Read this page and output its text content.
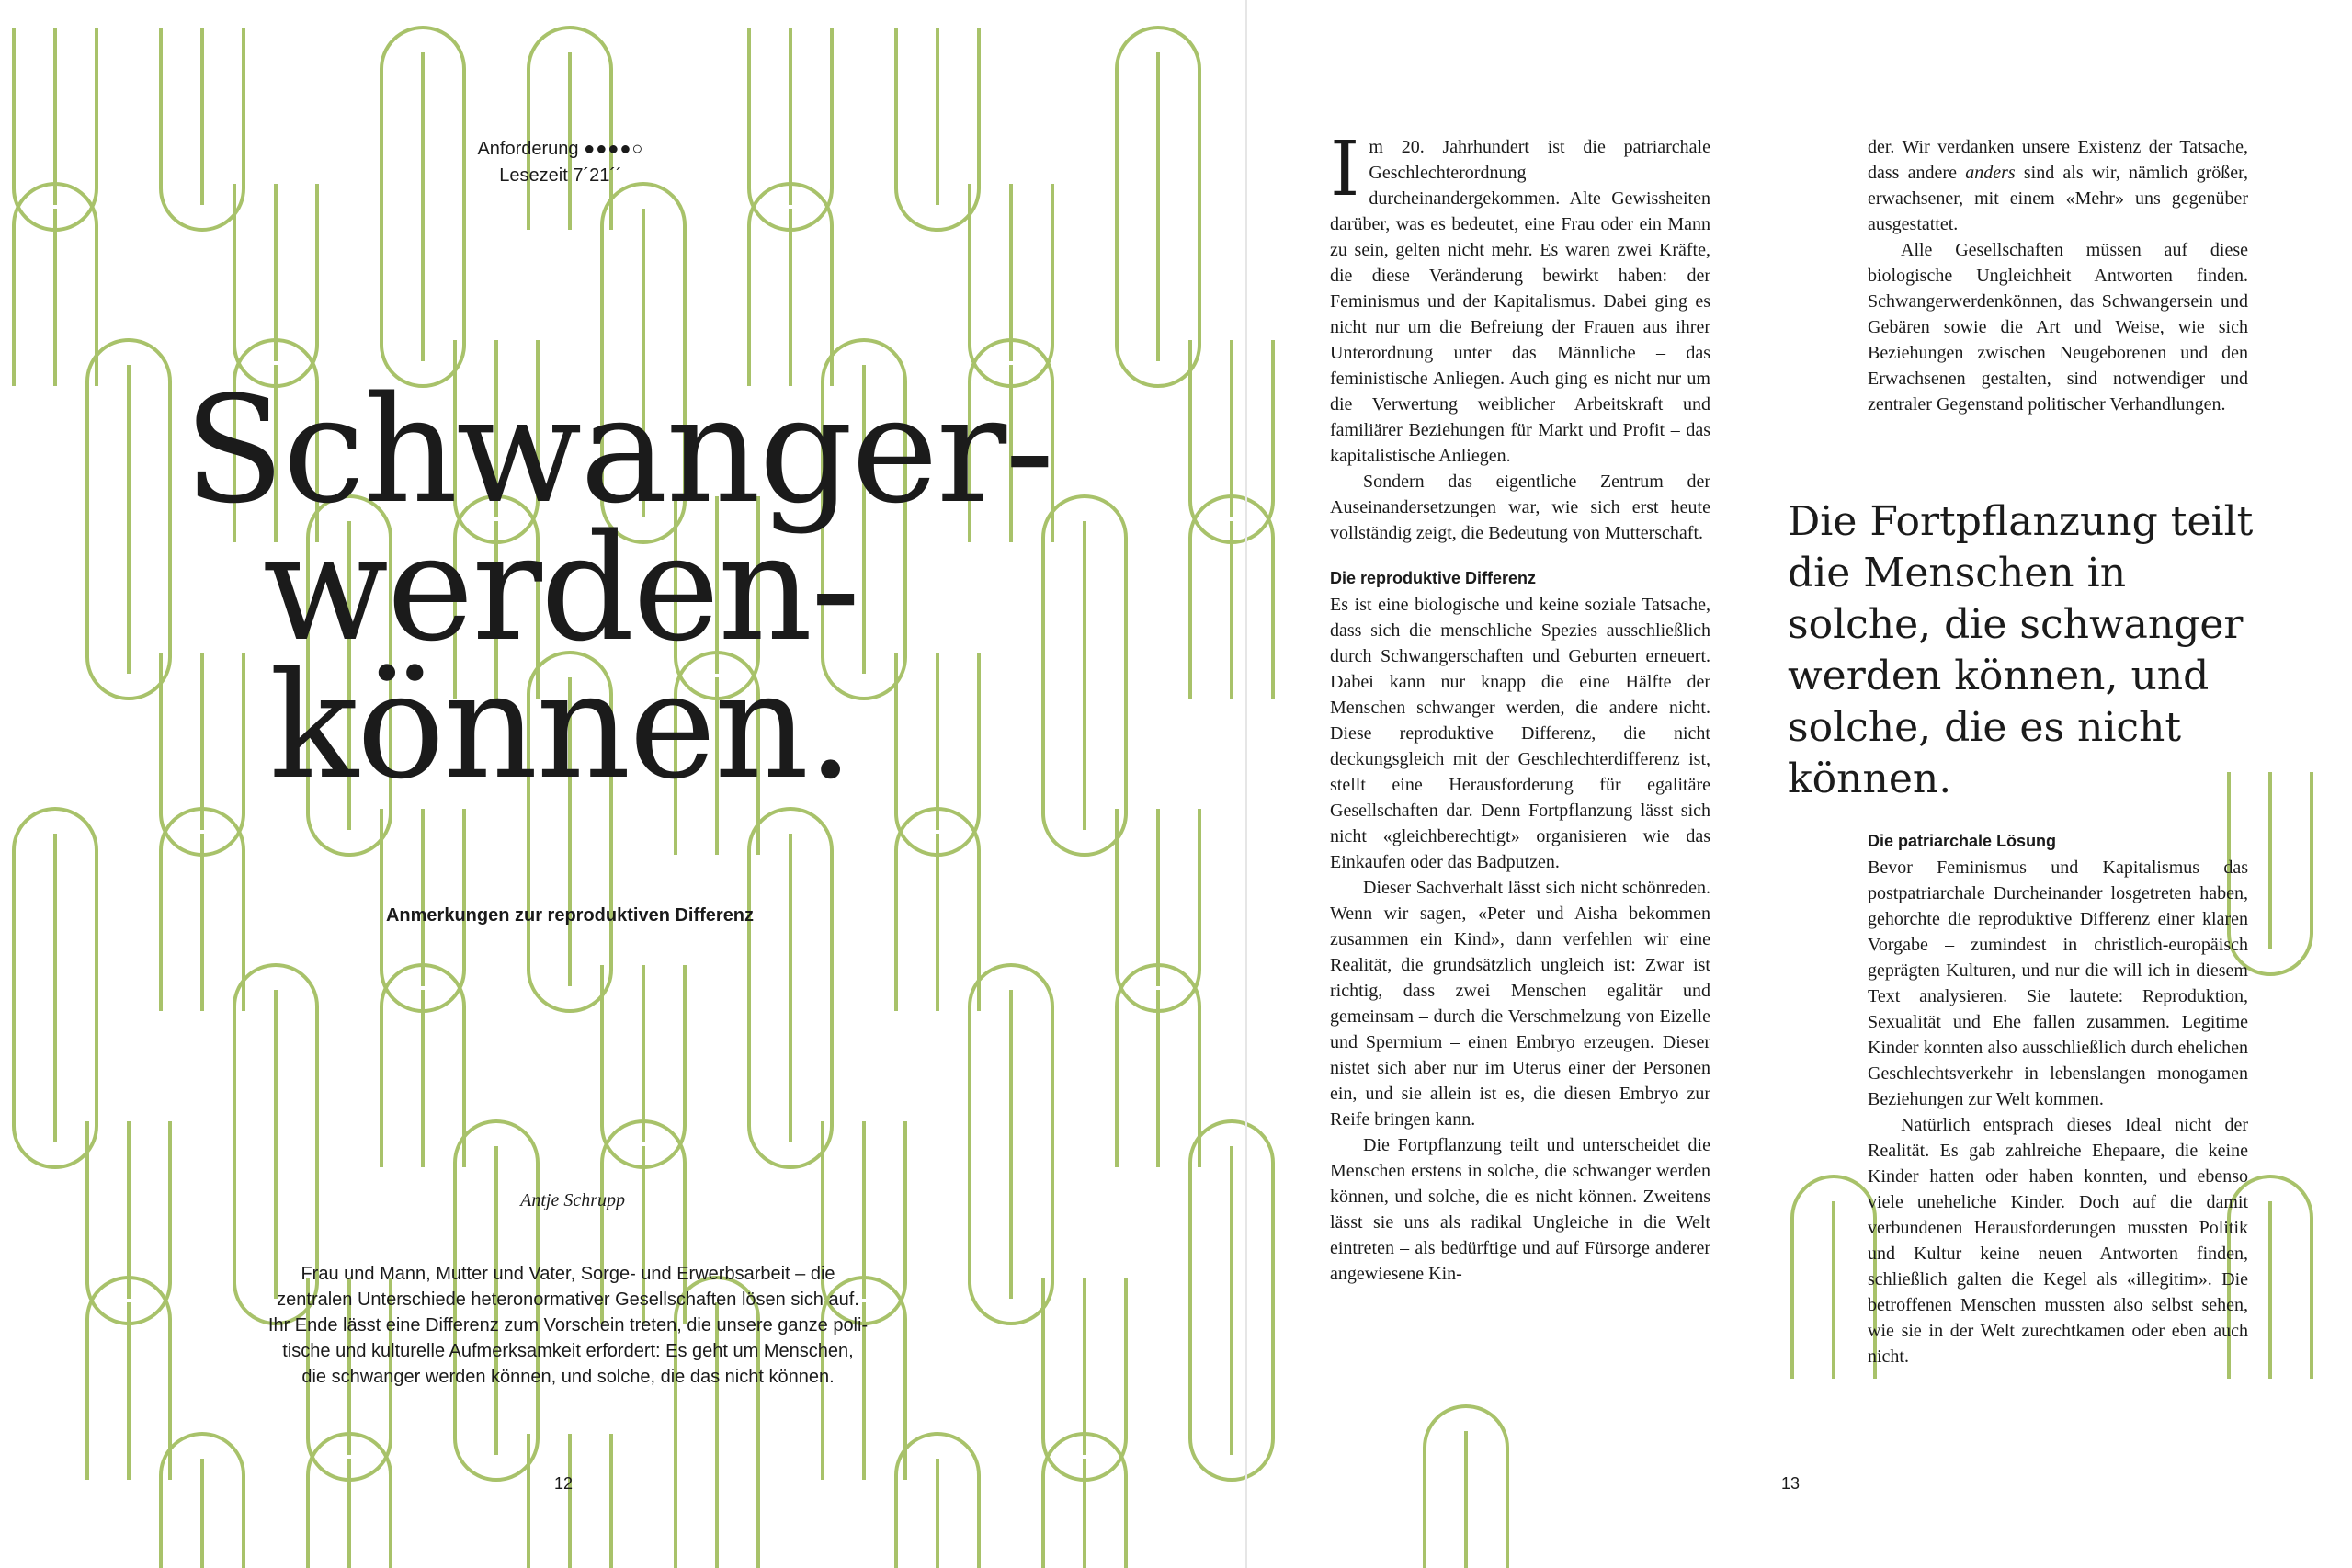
Anforderung ●●●●○
Lesezeit 7´21´´
Schwanger-
werden-
können.
Anmerkungen zur reproduktiven Differenz
Antje Schrupp
Frau und Mann, Mutter und Vater, Sorge- und Erwerbsarbeit – die
zentralen Unterschiede heteronormativer Gesellschaften lösen sich auf.
Ihr Ende lässt eine Differenz zum Vorschein treten, die unsere ganze poli-
tische und kulturelle Aufmerksamkeit erfordert: Es geht um Menschen,
die schwanger werden können, und solche, die das nicht können.
12

Im 20. Jahrhundert ist die patriarchale Geschlechterordnung durcheinandergekommen. Alte Gewissheiten darüber, was es bedeutet, eine Frau oder ein Mann zu sein, gelten nicht mehr. Es waren zwei Kräfte, die diese Veränderung bewirkt haben: der Feminismus und der Kapitalismus. Dabei ging es nicht nur um die Befreiung der Frauen aus ihrer Unterordnung unter das Männliche – das feministische Anliegen. Auch ging es nicht nur um die Verwertung weiblicher Arbeitskraft und familiärer Beziehungen für Markt und Profit – das kapitalistische Anliegen.

Sondern das eigentliche Zentrum der Auseinandersetzungen war, wie sich erst heute vollständig zeigt, die Bedeutung von Mutterschaft.

Die reproduktive Differenz

Es ist eine biologische und keine soziale Tatsache, dass sich die menschliche Spezies ausschließlich durch Schwangerschaften und Geburten erneuert. Dabei kann nur knapp die eine Hälfte der Menschen schwanger werden, die andere nicht. Diese reproduktive Differenz, die nicht deckungsgleich mit der Geschlechterdifferenz ist, stellt eine Herausforderung für egalitäre Gesellschaften dar. Denn Fortpflanzung lässt sich nicht «gleichberechtigt» organisieren wie das Einkaufen oder das Badputzen.

Dieser Sachverhalt lässt sich nicht schönreden. Wenn wir sagen, «Peter und Aisha bekommen zusammen ein Kind», dann verfehlen wir eine Realität, die grundsätzlich ungleich ist: Zwar ist richtig, dass zwei Menschen egalitär und gemeinsam – durch die Verschmelzung von Eizelle und Spermium – einen Embryo erzeugen. Dieser nistet sich aber nur im Uterus einer der Personen ein, und sie allein ist es, die diesen Embryo zur Reife bringen kann.

Die Fortpflanzung teilt und unterscheidet die Menschen erstens in solche, die schwanger werden können, und solche, die es nicht können. Zweitens lässt sie uns als radikal Ungleiche in die Welt eintreten – als bedürftige und auf Fürsorge anderer angewiesene Kin-

der. Wir verdanken unsere Existenz der Tatsache, dass andere anders sind als wir, nämlich größer, erwachsener, mit einem «Mehr» uns gegenüber ausgestattet.

Alle Gesellschaften müssen auf diese biologische Ungleichheit Antworten finden. Schwangerwerdenkönnen, das Schwangersein und Gebären sowie die Art und Weise, wie sich Beziehungen zwischen Neugeborenen und den Erwachsenen gestalten, sind notwendiger und zentraler Gegenstand politischer Verhandlungen.

Die Fortpflanzung teilt die Menschen in solche, die schwanger werden können, und solche, die es nicht können.
Die patriarchale Lösung

Bevor Feminismus und Kapitalismus das postpatriarchale Durcheinander losgetreten haben, gehorchte die reproduktive Differenz einer klaren Vorgabe – zumindest in christlich-europäisch geprägten Kulturen, und nur die will ich in diesem Text analysieren. Sie lautete: Reproduktion, Sexualität und Ehe fallen zusammen. Legitime Kinder konnten also ausschließlich durch ehelichen Geschlechtsverkehr in lebenslangen monogamen Beziehungen zur Welt kommen.

Natürlich entsprach dieses Ideal nicht der Realität. Es gab zahlreiche Ehepaare, die keine Kinder hatten oder haben konnten, und ebenso viele uneheliche Kinder. Doch auf die damit verbundenen Herausforderungen mussten Politik und Kultur keine neuen Antworten finden, schließlich galten die Kegel als «illegitim». Die betroffenen Menschen mussten also selbst sehen, wie sie in der Welt zurechtkamen oder eben auch nicht.

13
